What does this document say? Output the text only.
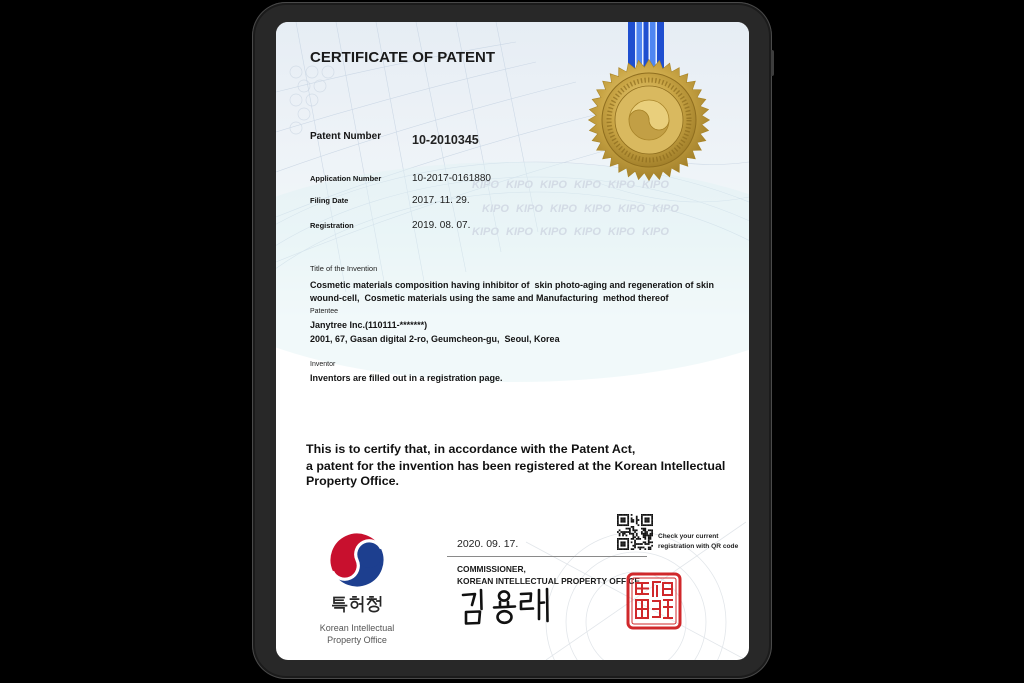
KIPO KIPO KIPO KIPO KIPO KIPO
KIPO KIPO KIPO KIPO KIPO KIPO
KIPO KIPO KIPO KIPO KIPO KIPO
CERTIFICATE OF PATENT
Patent Number 10-2010345
Application Number	10-2017-0161880
Filing Date	2017. 11. 29.
Registration	2019. 08. 07.
Title of the Invention
Cosmetic materials composition having inhibitor of  skin photo-aging and regeneration of skin
wound-cell,  Cosmetic materials using the same and Manufacturing  method thereof
Patentee
Janytree Inc.(110111-*******)
2001, 67, Gasan digital 2-ro, Geumcheon-gu,  Seoul, Korea
Inventor
Inventors are filled out in a registration page.
This is to certify that, in accordance with the Patent Act,
a patent for the invention has been registered at the Korean Intellectual
Property Office.
Korean Intellectual
Property Office
2020. 09. 17.
Check your current
registration with QR code
COMMISSIONER,
KOREAN INTELLECTUAL PROPERTY OFFICE
